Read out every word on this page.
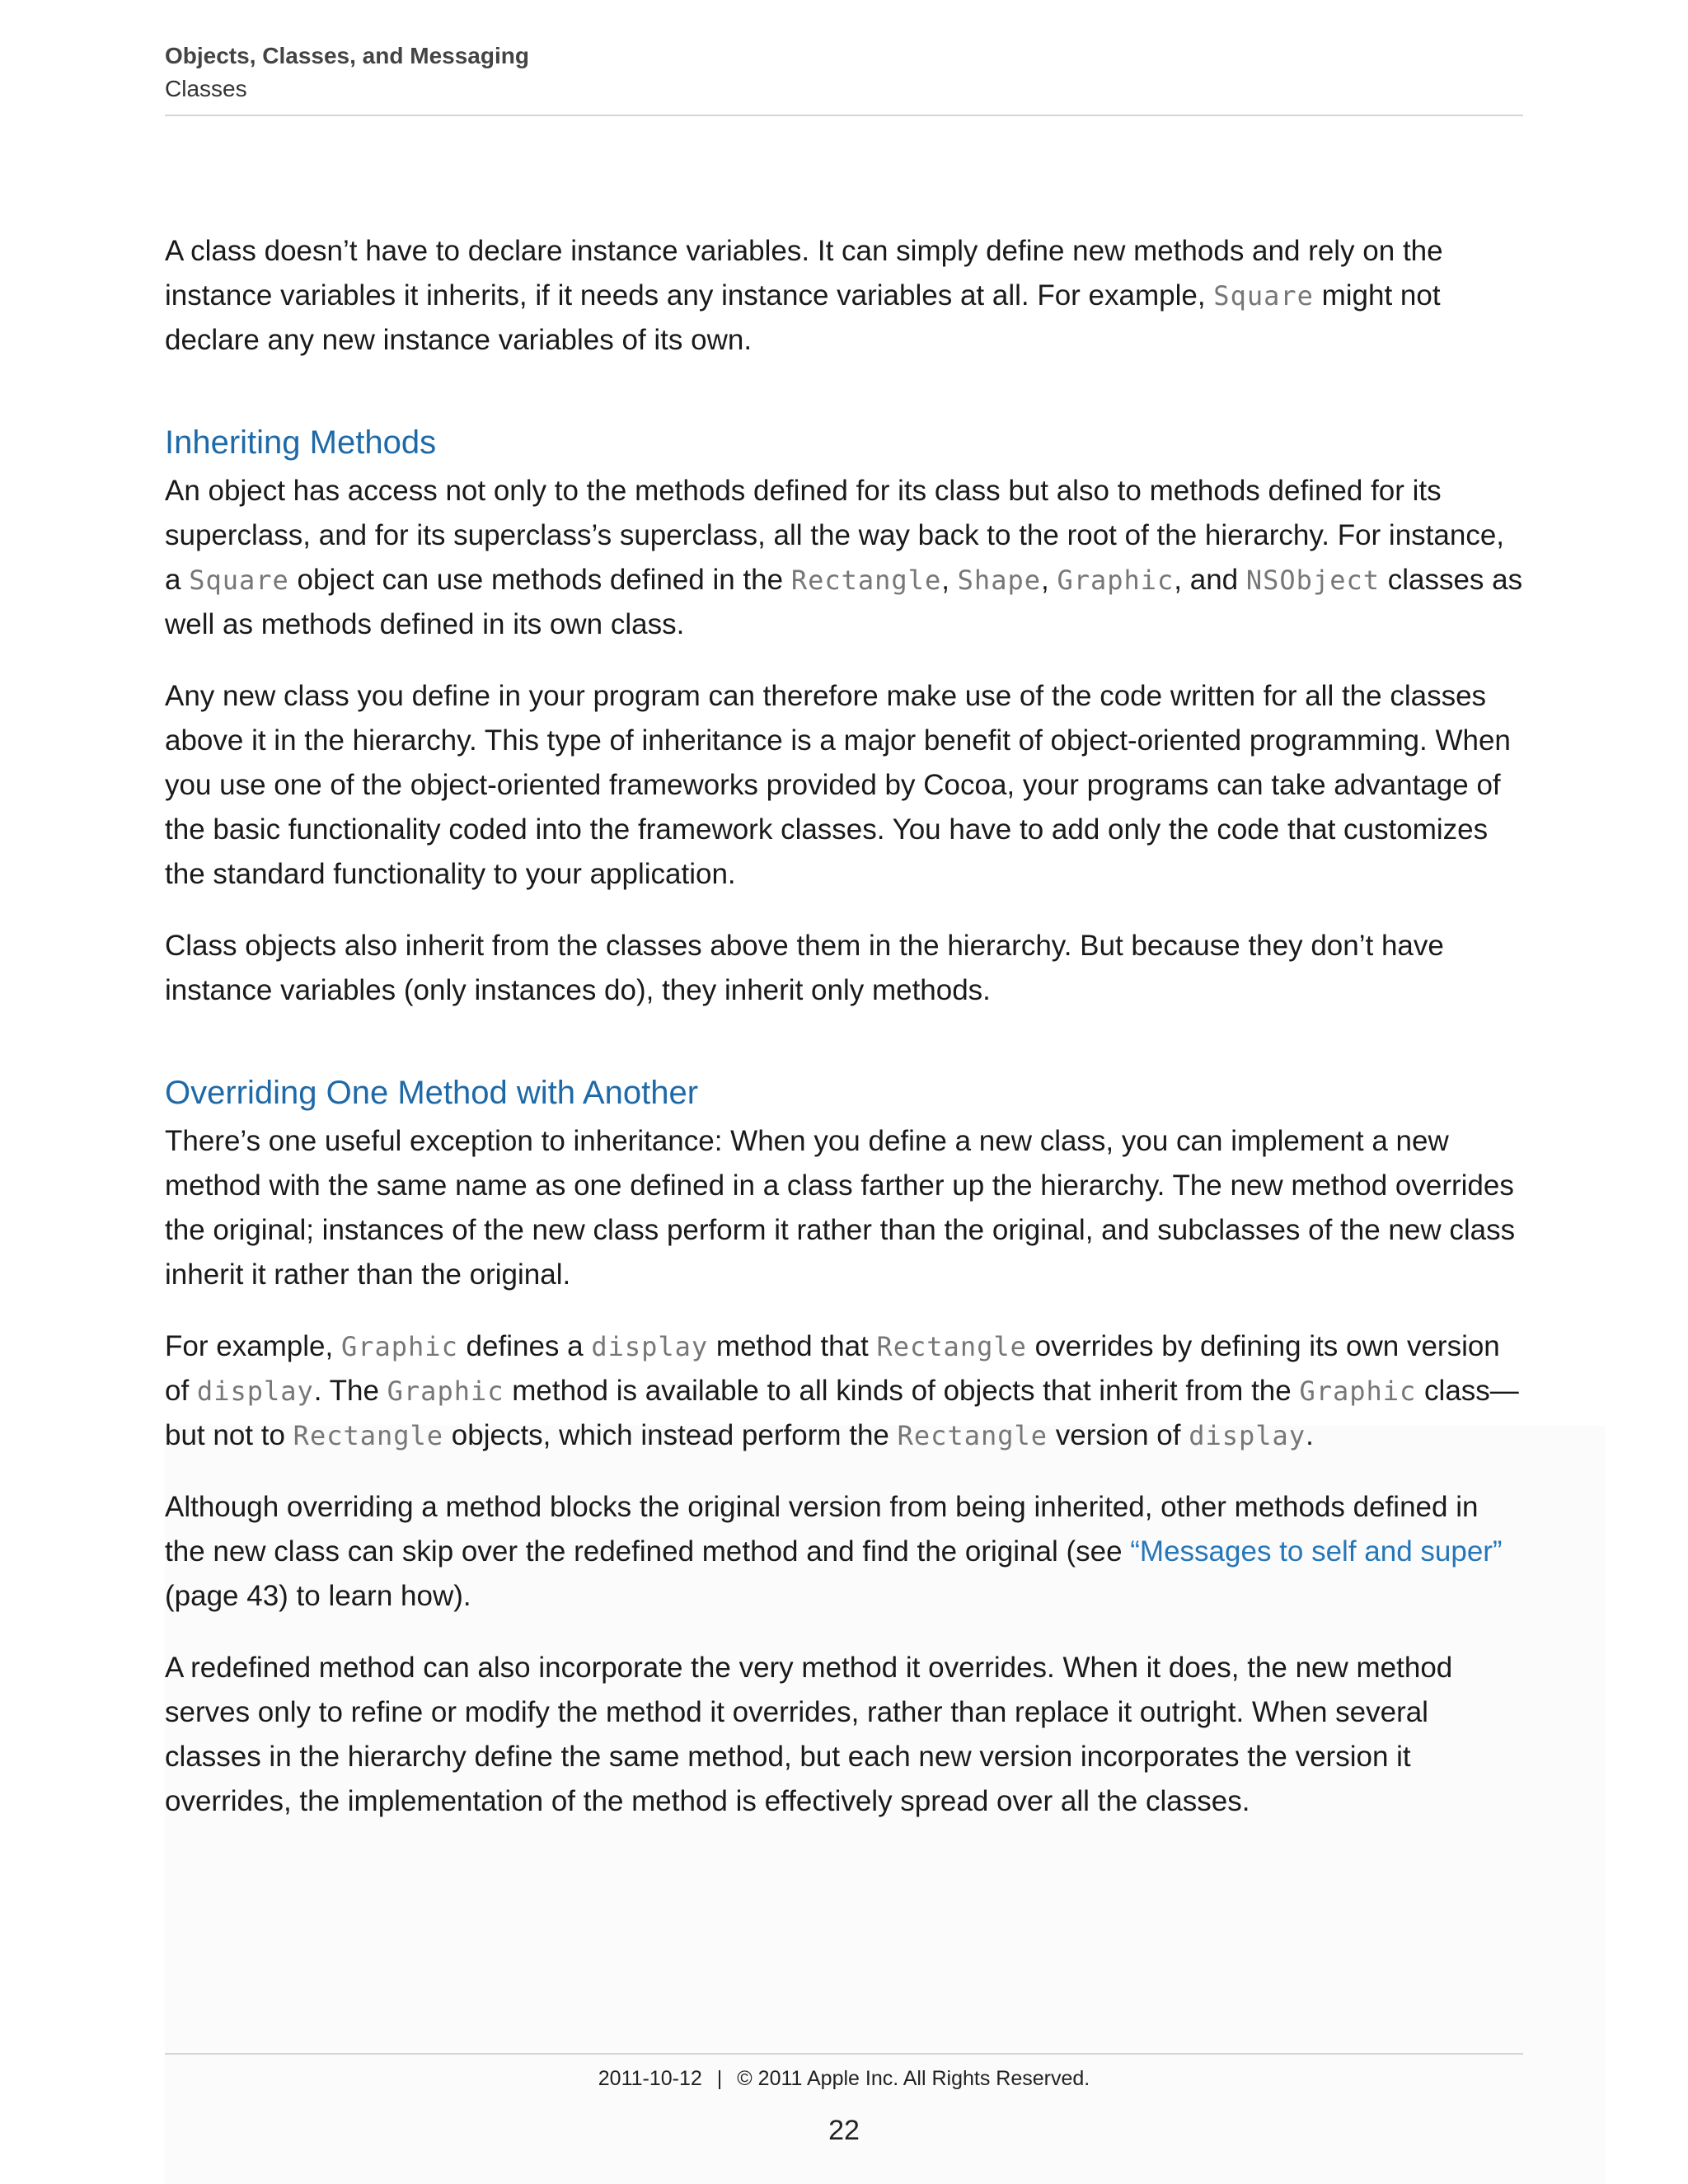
Objects, Classes, and Messaging
Classes

A class doesn’t have to declare instance variables. It can simply define new methods and rely on the instance variables it inherits, if it needs any instance variables at all. For example, Square might not declare any new instance variables of its own.

Inheriting Methods

An object has access not only to the methods defined for its class but also to methods defined for its superclass, and for its superclass’s superclass, all the way back to the root of the hierarchy. For instance, a Square object can use methods defined in the Rectangle, Shape, Graphic, and NSObject classes as well as methods defined in its own class.

Any new class you define in your program can therefore make use of the code written for all the classes above it in the hierarchy. This type of inheritance is a major benefit of object-oriented programming. When you use one of the object-oriented frameworks provided by Cocoa, your programs can take advantage of the basic functionality coded into the framework classes. You have to add only the code that customizes the standard functionality to your application.

Class objects also inherit from the classes above them in the hierarchy. But because they don’t have instance variables (only instances do), they inherit only methods.

Overriding One Method with Another

There’s one useful exception to inheritance: When you define a new class, you can implement a new method with the same name as one defined in a class farther up the hierarchy. The new method overrides the original; instances of the new class perform it rather than the original, and subclasses of the new class inherit it rather than the original.

For example, Graphic defines a display method that Rectangle overrides by defining its own version of display. The Graphic method is available to all kinds of objects that inherit from the Graphic class—but not to Rectangle objects, which instead perform the Rectangle version of display.

Although overriding a method blocks the original version from being inherited, other methods defined in the new class can skip over the redefined method and find the original (see “Messages to self and super” (page 43) to learn how).

A redefined method can also incorporate the very method it overrides. When it does, the new method serves only to refine or modify the method it overrides, rather than replace it outright. When several classes in the hierarchy define the same method, but each new version incorporates the version it overrides, the implementation of the method is effectively spread over all the classes.

2011-10-12 | © 2011 Apple Inc. All Rights Reserved.
22
